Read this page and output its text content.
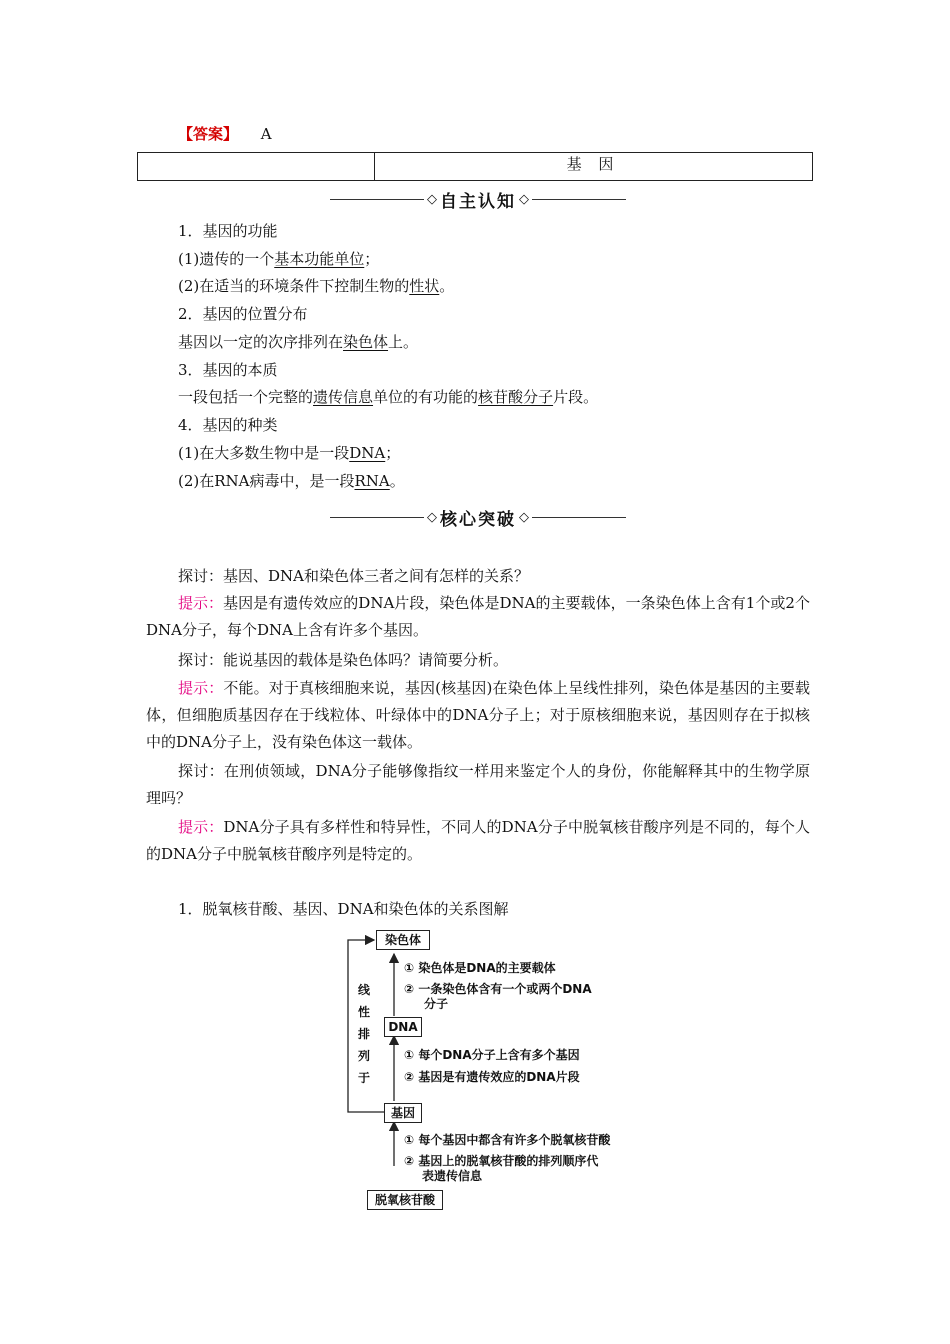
【答案】 A
基 因
◇ 自主认知 ◇
1．基因的功能
(1)遗传的一个基本功能单位；
(2)在适当的环境条件下控制生物的性状。
2．基因的位置分布
基因以一定的次序排列在染色体上。
3．基因的本质
一段包括一个完整的遗传信息单位的有功能的核苷酸分子片段。
4．基因的种类
(1)在大多数生物中是一段DNA；
(2)在RNA病毒中，是一段RNA。
◇ 核心突破 ◇
探讨：基因、DNA和染色体三者之间有怎样的关系？
提示：基因是有遗传效应的DNA片段，染色体是DNA的主要载体，一条染色体上含有1个或2个DNA分子，每个DNA上含有许多个基因。
探讨：能说基因的载体是染色体吗？请简要分析。
提示：不能。对于真核细胞来说，基因(核基因)在染色体上呈线性排列，染色体是基因的主要载体，但细胞质基因存在于线粒体、叶绿体中的DNA分子上；对于原核细胞来说，基因则存在于拟核中的DNA分子上，没有染色体这一载体。
探讨：在刑侦领域，DNA分子能够像指纹一样用来鉴定个人的身份，你能解释其中的生物学原理吗？
提示：DNA分子具有多样性和特异性，不同人的DNA分子中脱氧核苷酸序列是不同的，每个人的DNA分子中脱氧核苷酸序列是特定的。
1．脱氧核苷酸、基因、DNA和染色体的关系图解
染色体
DNA
基因
脱氧核苷酸
线
性
排
列
于
① 染色体是DNA的主要载体
② 一条染色体含有一个或两个DNA
分子
① 每个DNA分子上含有多个基因
② 基因是有遗传效应的DNA片段
① 每个基因中都含有许多个脱氧核苷酸
② 基因上的脱氧核苷酸的排列顺序代
表遗传信息
